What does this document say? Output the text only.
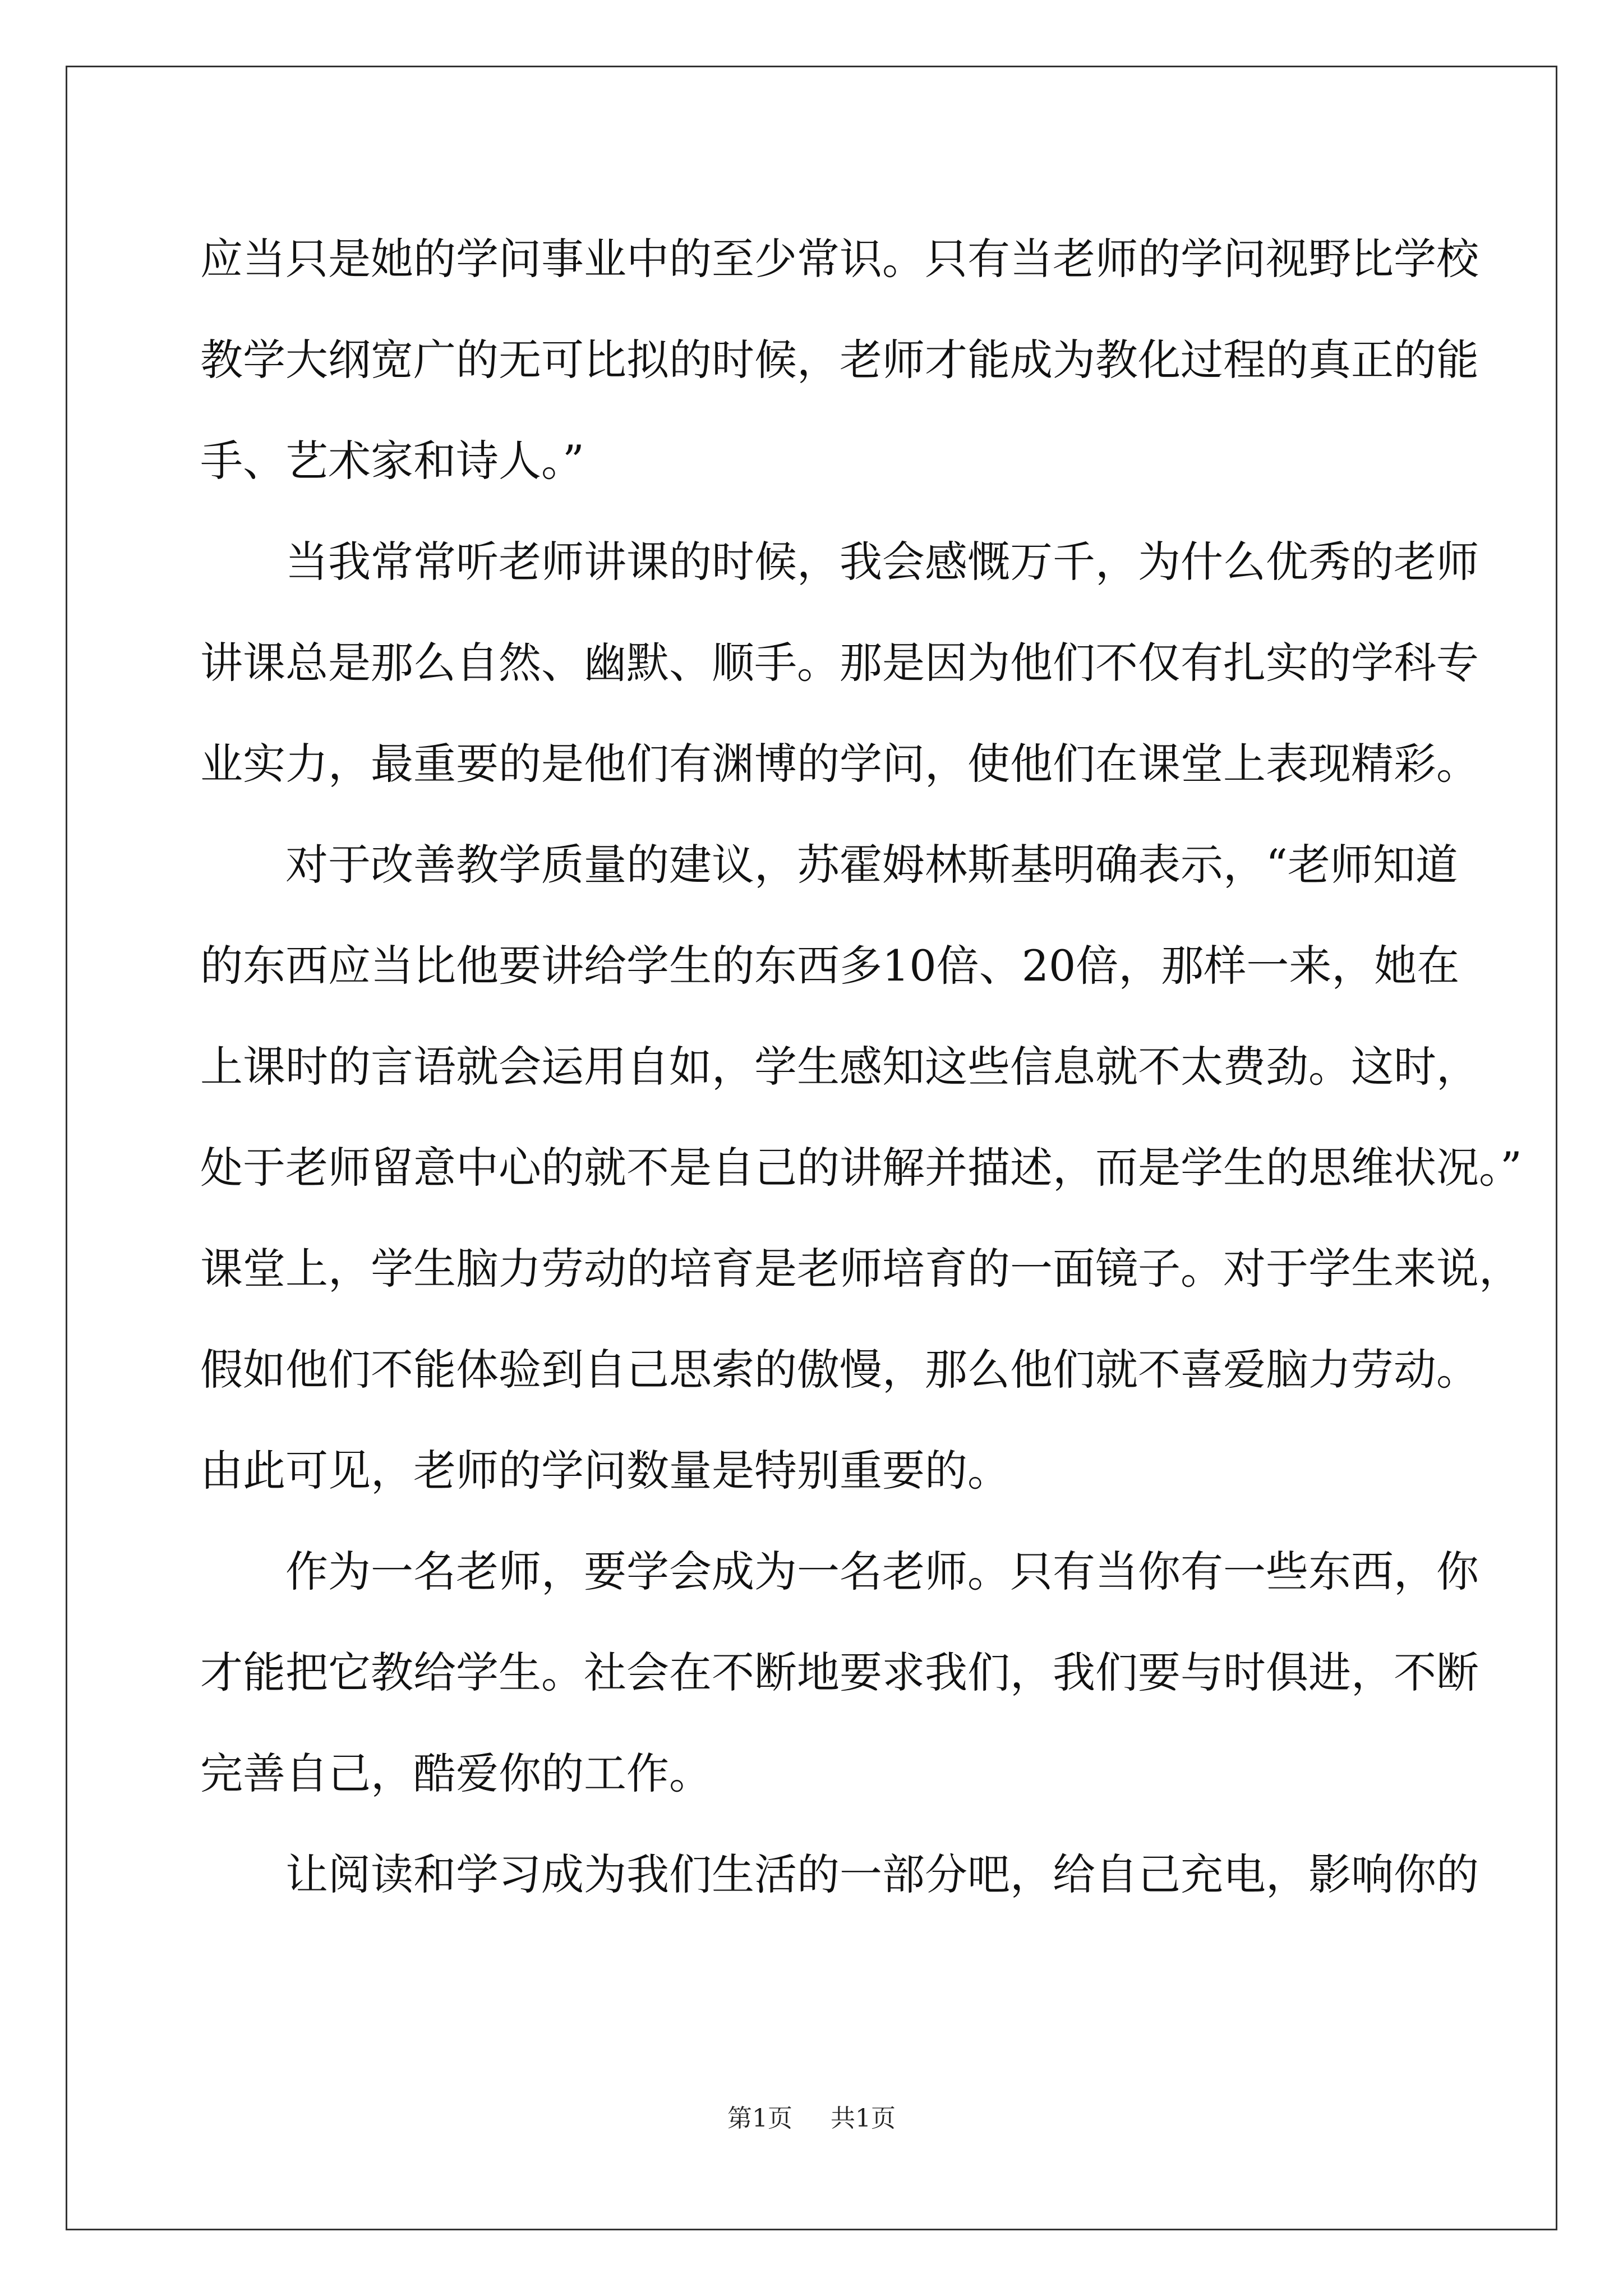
应当只是她的学问事业中的至少常识。只有当老师的学问视野比学校
教学大纲宽广的无可比拟的时候，老师才能成为教化过程的真正的能
手、艺术家和诗人。”
　　当我常常听老师讲课的时候，我会感慨万千，为什么优秀的老师
讲课总是那么自然、幽默、顺手。那是因为他们不仅有扎实的学科专
业实力，最重要的是他们有渊博的学问，使他们在课堂上表现精彩。
　　对于改善教学质量的建议，苏霍姆林斯基明确表示，“老师知道
的东西应当比他要讲给学生的东西多10倍、20倍，那样一来，她在
上课时的言语就会运用自如，学生感知这些信息就不太费劲。这时，
处于老师留意中心的就不是自己的讲解并描述，而是学生的思维状况。”
课堂上，学生脑力劳动的培育是老师培育的一面镜子。对于学生来说，
假如他们不能体验到自己思索的傲慢，那么他们就不喜爱脑力劳动。
由此可见，老师的学问数量是特别重要的。
　　作为一名老师，要学会成为一名老师。只有当你有一些东西，你
才能把它教给学生。社会在不断地要求我们，我们要与时俱进，不断
完善自己，酷爱你的工作。
　　让阅读和学习成为我们生活的一部分吧，给自己充电，影响你的
第1页 共1页
